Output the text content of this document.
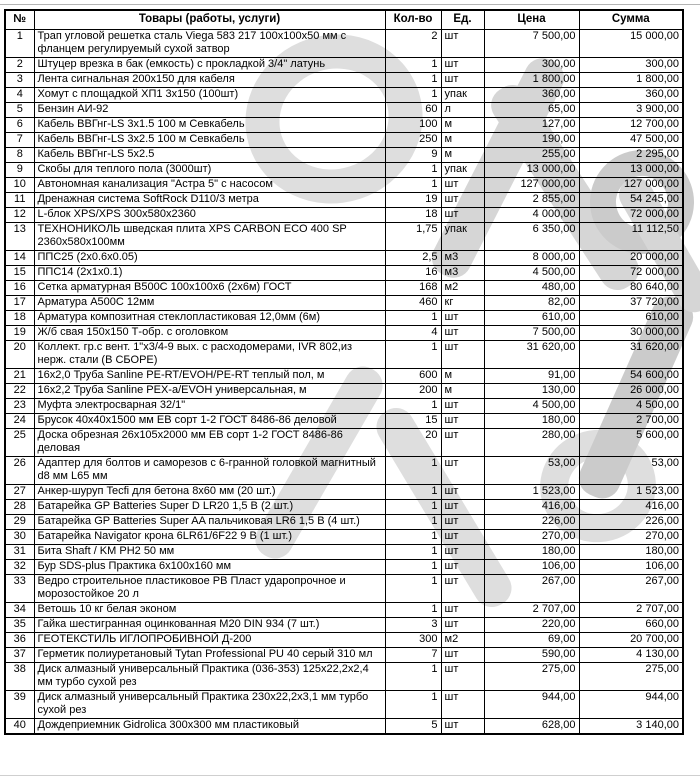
№	Товары (работы, услуги)	Кол-во	Ед.	Цена	Сумма
1	Трап угловой решетка сталь Viega 583 217 100x100x50 мм с фланцем регулируемый сухой затвор	2	шт	7 500,00	15 000,00
2	Штуцер врезка в бак (емкость) с прокладкой 3/4" латунь	1	шт	300,00	300,00
3	Лента сигнальная 200x150 для кабеля	1	шт	1 800,00	1 800,00
4	Хомут с площадкой ХП1 3x150 (100шт)	1	упак	360,00	360,00
5	Бензин АИ-92	60	л	65,00	3 900,00
6	Кабель ВВГнг-LS 3x1.5 100 м Севкабель	100	м	127,00	12 700,00
7	Кабель ВВГнг-LS 3x2.5 100 м Севкабель	250	м	190,00	47 500,00
8	Кабель ВВГнг-LS 5x2.5	9	м	255,00	2 295,00
9	Скобы для теплого пола (3000шт)	1	упак	13 000,00	13 000,00
10	Автономная канализация "Астра 5" с насосом	1	шт	127 000,00	127 000,00
11	Дренажная система SoftRock D110/3 метра	19	шт	2 855,00	54 245,00
12	L-блок XPS/XPS 300x580x2360	18	шт	4 000,00	72 000,00
13	ТЕХНОНИКОЛЬ шведская плита XPS CARBON ECO 400 SP 2360x580x100мм	1,75	упак	6 350,00	11 112,50
14	ППС25 (2x0.6x0.05)	2,5	м3	8 000,00	20 000,00
15	ППС14 (2x1x0.1)	16	м3	4 500,00	72 000,00
16	Сетка арматурная В500С 100x100x6 (2x6м) ГОСТ	168	м2	480,00	80 640,00
17	Арматура А500С 12мм	460	кг	82,00	37 720,00
18	Арматура композитная стеклопластиковая 12,0мм (6м)	1	шт	610,00	610,00
19	Ж/б свая 150x150 Т-обр. с оголовком	4	шт	7 500,00	30 000,00
20	Коллект. гр.с вент. 1"x3/4-9 вых. с расходомерами, IVR 802,из нерж. стали (В СБОРЕ)	1	шт	31 620,00	31 620,00
21	16x2,0 Труба Sanline PE-RT/EVOH/PE-RT теплый пол, м	600	м	91,00	54 600,00
22	16x2,2 Труба Sanline PEX-a/EVOH универсальная, м	200	м	130,00	26 000,00
23	Муфта электросварная 32/1"	1	шт	4 500,00	4 500,00
24	Брусок 40x40x1500 мм ЕВ сорт 1-2 ГОСТ 8486-86 деловой	15	шт	180,00	2 700,00
25	Доска обрезная 26x105x2000 мм ЕВ сорт 1-2 ГОСТ 8486-86 деловая	20	шт	280,00	5 600,00
26	Адаптер для болтов и саморезов с 6-гранной головкой магнитный d8 мм L65 мм	1	шт	53,00	53,00
27	Анкер-шуруп Tecfi для бетона 8x60 мм (20 шт.)	1	шт	1 523,00	1 523,00
28	Батарейка GP Batteries Super D LR20 1,5 В (2 шт.)	1	шт	416,00	416,00
29	Батарейка GP Batteries Super AA пальчиковая LR6 1,5 В (4 шт.)	1	шт	226,00	226,00
30	Батарейка Navigator крона 6LR61/6F22 9 В (1 шт.)	1	шт	270,00	270,00
31	Бита Shaft / KM PH2 50 мм	1	шт	180,00	180,00
32	Бур SDS-plus Практика 6x100x160 мм	1	шт	106,00	106,00
33	Ведро строительное пластиковое РВ Пласт ударопрочное и морозостойкое 20 л	1	шт	267,00	267,00
34	Ветошь 10 кг белая эконом	1	шт	2 707,00	2 707,00
35	Гайка шестигранная оцинкованная М20 DIN 934 (7 шт.)	3	шт	220,00	660,00
36	ГЕОТЕКСТИЛЬ ИГЛОПРОБИВНОЙ Д-200	300	м2	69,00	20 700,00
37	Герметик полиуретановый Tytan Professional PU 40 серый 310 мл	7	шт	590,00	4 130,00
38	Диск алмазный универсальный Практика (036-353) 125x22,2x2,4 мм турбо сухой рез	1	шт	275,00	275,00
39	Диск алмазный универсальный Практика 230x22,2x3,1 мм турбо сухой рез	1	шт	944,00	944,00
40	Дождеприемник Gidrolica 300x300 мм пластиковый	5	шт	628,00	3 140,00
